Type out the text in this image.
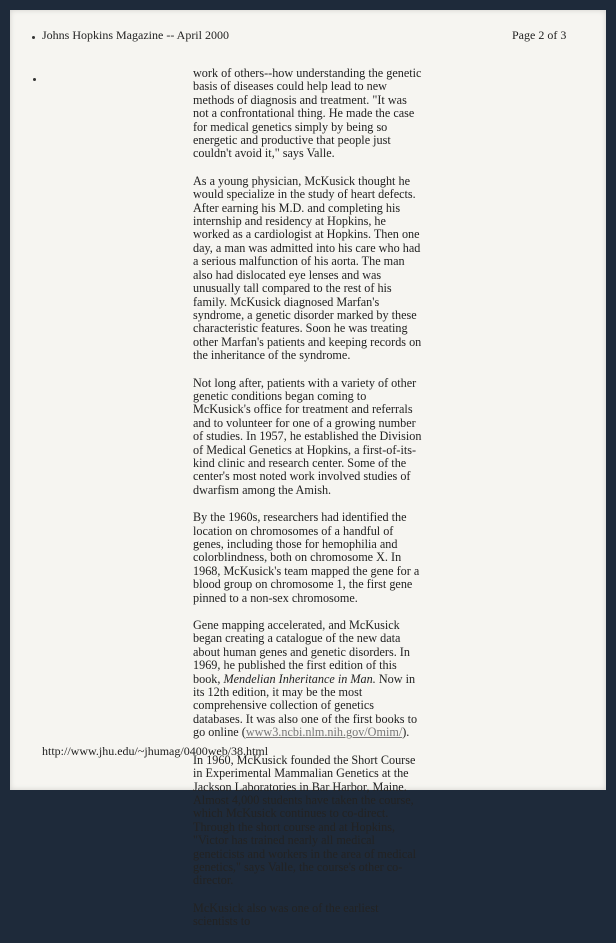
Johns Hopkins Magazine -- April 2000	Page 2 of 3

work of others--how understanding the genetic basis of diseases could help lead to new methods of diagnosis and treatment. "It was not a confrontational thing. He made the case for medical genetics simply by being so energetic and productive that people just couldn't avoid it," says Valle.

As a young physician, McKusick thought he would specialize in the study of heart defects. After earning his M.D. and completing his internship and residency at Hopkins, he worked as a cardiologist at Hopkins. Then one day, a man was admitted into his care who had a serious malfunction of his aorta. The man also had dislocated eye lenses and was unusually tall compared to the rest of his family. McKusick diagnosed Marfan's syndrome, a genetic disorder marked by these characteristic features. Soon he was treating other Marfan's patients and keeping records on the inheritance of the syndrome.

Not long after, patients with a variety of other genetic conditions began coming to McKusick's office for treatment and referrals and to volunteer for one of a growing number of studies. In 1957, he established the Division of Medical Genetics at Hopkins, a first-of-its-kind clinic and research center. Some of the center's most noted work involved studies of dwarfism among the Amish.

By the 1960s, researchers had identified the location on chromosomes of a handful of genes, including those for hemophilia and colorblindness, both on chromosome X. In 1968, McKusick's team mapped the gene for a blood group on chromosome 1, the first gene pinned to a non-sex chromosome.

Gene mapping accelerated, and McKusick began creating a catalogue of the new data about human genes and genetic disorders. In 1969, he published the first edition of this book, Mendelian Inheritance in Man. Now in its 12th edition, it may be the most comprehensive collection of genetics databases. It was also one of the first books to go online (www3.ncbi.nlm.nih.gov/Omim/).

In 1960, McKusick founded the Short Course in Experimental Mammalian Genetics at the Jackson Laboratories in Bar Harbor, Maine. Almost 4,000 students have taken the course, which McKusick continues to co-direct. Through the short course and at Hopkins, "Victor has trained nearly all medical geneticists and workers in the area of medical genetics," says Valle, the course's other co-director.

McKusick also was one of the earliest scientists to

http://www.jhu.edu/~jhumag/0400web/38.html
